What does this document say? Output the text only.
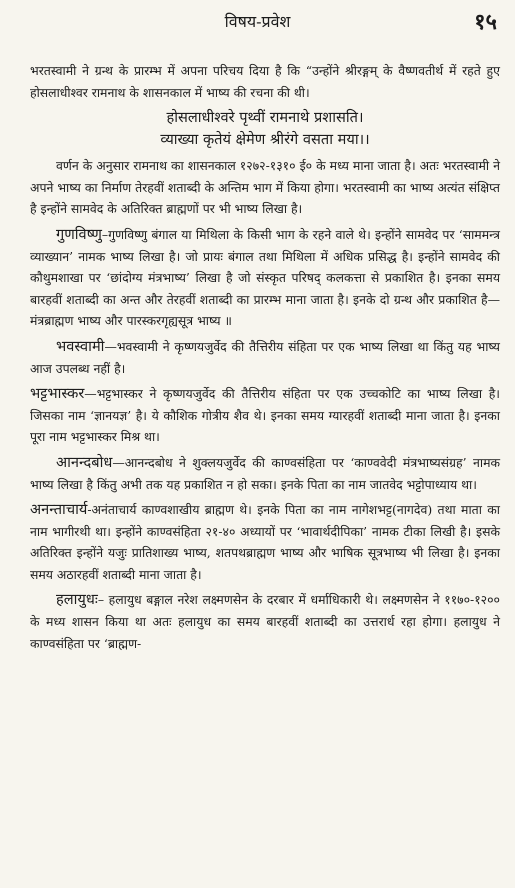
विषय-प्रवेश	१५

भरतस्वामी ने ग्रन्थ के प्रारम्भ में अपना परिचय दिया है कि “उन्होंने श्रीरङ्गम् के वैष्णवतीर्थ में रहते हुए होसलाधीश्वर रामनाथ के शासनकाल में भाष्य की रचना की थी।

होसलाधीश्वरे पृथ्वीं रामनाथे प्रशासति।
व्याख्या कृतेयं क्षेमेण श्रीरंगे वसता मया।।

वर्णन के अनुसार रामनाथ का शासनकाल १२७२-१३१० ई० के मध्य माना जाता है। अतः भरतस्वामी ने अपने भाष्य का निर्माण तेरहवीं शताब्दी के अन्तिम भाग में किया होगा। भरतस्वामी का भाष्य अत्यंत संक्षिप्त है इन्होंने सामवेद के अतिरिक्त ब्राह्मणों पर भी भाष्य लिखा है।

गुणविष्णु–गुणविष्णु बंगाल या मिथिला के किसी भाग के रहने वाले थे। इन्होंने सामवेद पर ‘साममन्त्र व्याख्यान’ नामक भाष्य लिखा है। जो प्रायः बंगाल तथा मिथिला में अधिक प्रसिद्ध है। इन्होंने सामवेद की कौथुमशाखा पर ‘छांदोग्य मंत्रभाष्य’ लिखा है जो संस्कृत परिषद् कलकत्ता से प्रकाशित है। इनका समय बारहवीं शताब्दी का अन्त और तेरहवीं शताब्दी का प्रारम्भ माना जाता है। इनके दो ग्रन्थ और प्रकाशित है—मंत्रब्राह्मण भाष्य और पारस्करगृह्यसूत्र भाष्य ॥

भवस्वामी—भवस्वामी ने कृष्णयजुर्वेद की तैत्तिरीय संहिता पर एक भाष्य लिखा था किंतु यह भाष्य आज उपलब्ध नहीं है।

भट्टभास्कर—भट्टभास्कर ने कृष्णयजुर्वेद की तैत्तिरीय संहिता पर एक उच्चकोटि का भाष्य लिखा है। जिसका नाम ‘ज्ञानयज्ञ’ है। ये कौशिक गोत्रीय शैव थे। इनका समय ग्यारहवीं शताब्दी माना जाता है। इनका पूरा नाम भट्टभास्कर मिश्र था।

आनन्दबोध—आनन्दबोध ने शुक्लयजुर्वेद की काण्वसंहिता पर ‘काण्ववेदी मंत्रभाष्यसंग्रह’ नामक भाष्य लिखा है किंतु अभी तक यह प्रकाशित न हो सका। इनके पिता का नाम जातवेद भट्टोपाध्याय था।

अनन्ताचार्य-अनंताचार्य काण्वशाखीय ब्राह्मण थे। इनके पिता का नाम नागेशभट्ट(नागदेव) तथा माता का नाम भागीरथी था। इन्होंने काण्वसंहिता २१-४० अध्यायों पर ‘भावार्थदीपिका’ नामक टीका लिखी है। इसके अतिरिक्त इन्होंने यजुः प्रातिशाख्य भाष्य, शतपथब्राह्मण भाष्य और भाषिक सूत्रभाष्य भी लिखा है। इनका समय अठारहवीं शताब्दी माना जाता है।

हलायुधः– हलायुध बङ्गाल नरेश लक्ष्मणसेन के दरबार में धर्माधिकारी थे। लक्ष्मणसेन ने ११७०-१२०० के मध्य शासन किया था अतः हलायुध का समय बारहवीं शताब्दी का उत्तरार्ध रहा होगा। हलायुध ने काण्वसंहिता पर ‘ब्राह्मण-
